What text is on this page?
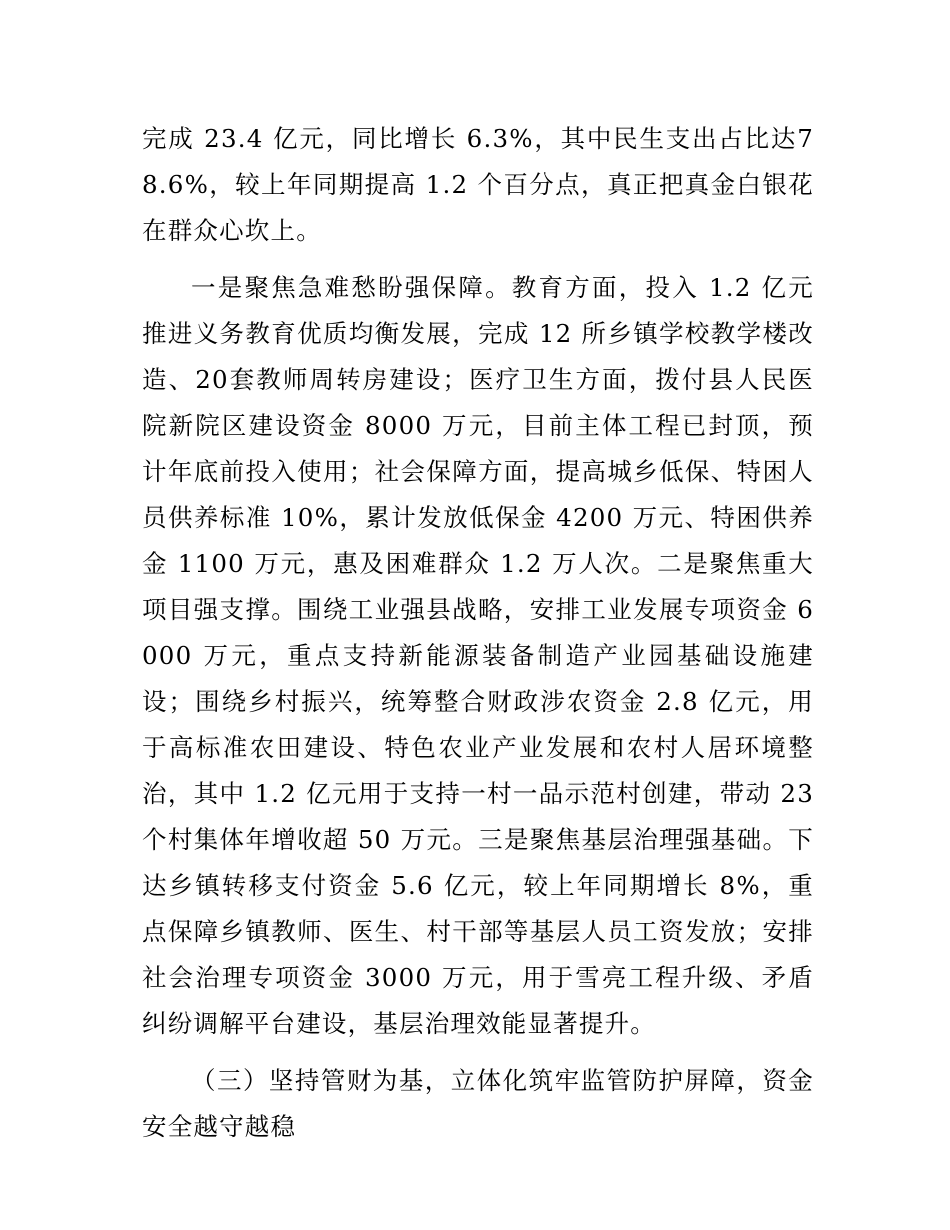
完成 23.4 亿元，同比增长 6.3%，其中民生支出占比达78.6%，较上年同期提高 1.2 个百分点，真正把真金白银花在群众心坎上。

一是聚焦急难愁盼强保障。教育方面，投入 1.2 亿元推进义务教育优质均衡发展，完成 12 所乡镇学校教学楼改造、20套教师周转房建设；医疗卫生方面，拨付县人民医院新院区建设资金 8000 万元，目前主体工程已封顶，预计年底前投入使用；社会保障方面，提高城乡低保、特困人员供养标准 10%，累计发放低保金 4200 万元、特困供养金 1100 万元，惠及困难群众 1.2 万人次。二是聚焦重大项目强支撑。围绕工业强县战略，安排工业发展专项资金 6000 万元，重点支持新能源装备制造产业园基础设施建设；围绕乡村振兴，统筹整合财政涉农资金 2.8 亿元，用于高标准农田建设、特色农业产业发展和农村人居环境整治，其中 1.2 亿元用于支持一村一品示范村创建，带动 23 个村集体年增收超 50 万元。三是聚焦基层治理强基础。下达乡镇转移支付资金 5.6 亿元，较上年同期增长 8%，重点保障乡镇教师、医生、村干部等基层人员工资发放；安排社会治理专项资金 3000 万元，用于雪亮工程升级、矛盾纠纷调解平台建设，基层治理效能显著提升。

（三）坚持管财为基，立体化筑牢监管防护屏障，资金安全越守越稳
